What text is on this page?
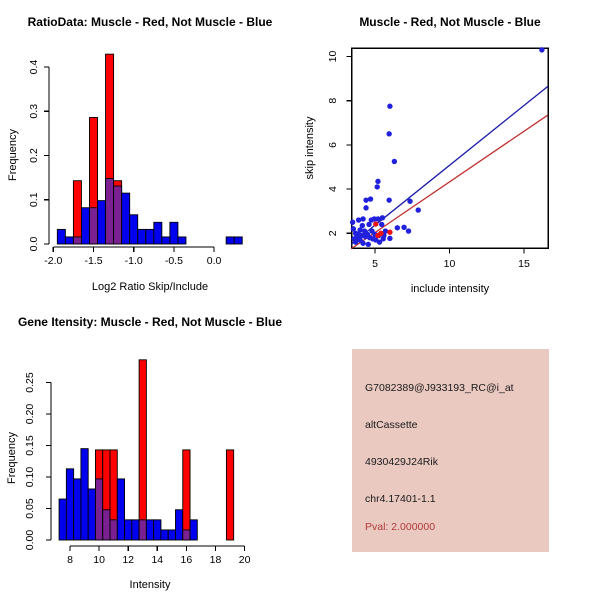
-2.0 -1.5 -1.0 -0.5 0.0
0.0
0.1
0.2
0.3
0.4
Log2 Ratio Skip/Include
Frequency
RatioData: Muscle - Red, Not Muscle - Blue
5	10	15
2
4
6
8
10
include intensity
skip intensity
Muscle - Red, Not Muscle - Blue
8 10 12 14 16 18 20
0.00
0.05
0.10
0.15
0.20
0.25
Intensity
Frequency
Gene Itensity: Muscle - Red, Not Muscle - Blue
G7082389@J933193_RC@i_at
altCassette
4930429J24Rik
chr4.17401-1.1
Pval: 2.000000
